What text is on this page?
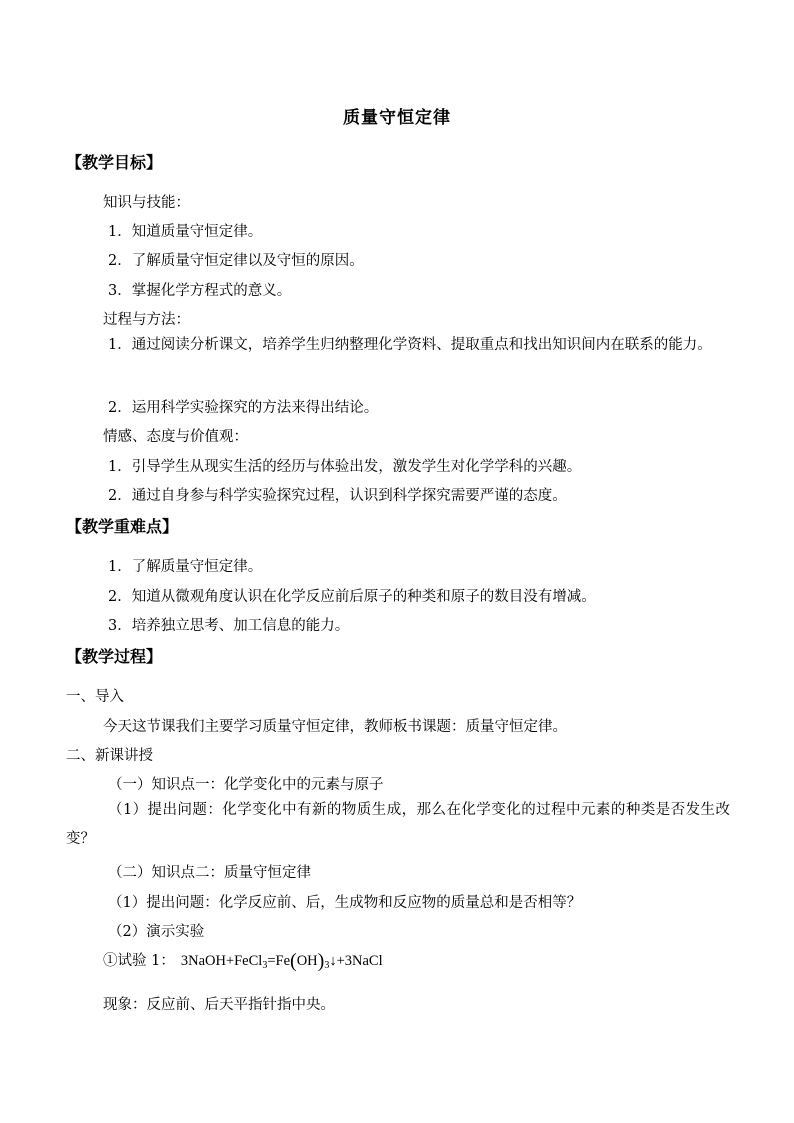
质量守恒定律
【教学目标】
知识与技能：
1．知道质量守恒定律。
2．了解质量守恒定律以及守恒的原因。
3．掌握化学方程式的意义。
过程与方法：
1．通过阅读分析课文，培养学生归纳整理化学资料、提取重点和找出知识间内在联系的能力。
2．运用科学实验探究的方法来得出结论。
情感、态度与价值观：
1．引导学生从现实生活的经历与体验出发，激发学生对化学学科的兴趣。
2．通过自身参与科学实验探究过程，认识到科学探究需要严谨的态度。
【教学重难点】
1．了解质量守恒定律。
2．知道从微观角度认识在化学反应前后原子的种类和原子的数目没有增减。
3．培养独立思考、加工信息的能力。
【教学过程】
一、导入
今天这节课我们主要学习质量守恒定律，教师板书课题：质量守恒定律。
二、新课讲授
（一）知识点一：化学变化中的元素与原子
（1）提出问题：化学变化中有新的物质生成，那么在化学变化的过程中元素的种类是否发生改变？
（二）知识点二：质量守恒定律
（1）提出问题：化学反应前、后，生成物和反应物的质量总和是否相等？
（2）演示实验
①试验 1： $3NaOH+FeCl_3=Fe(OH)_3↓+3NaCl$
现象：反应前、后天平指针指中央。
